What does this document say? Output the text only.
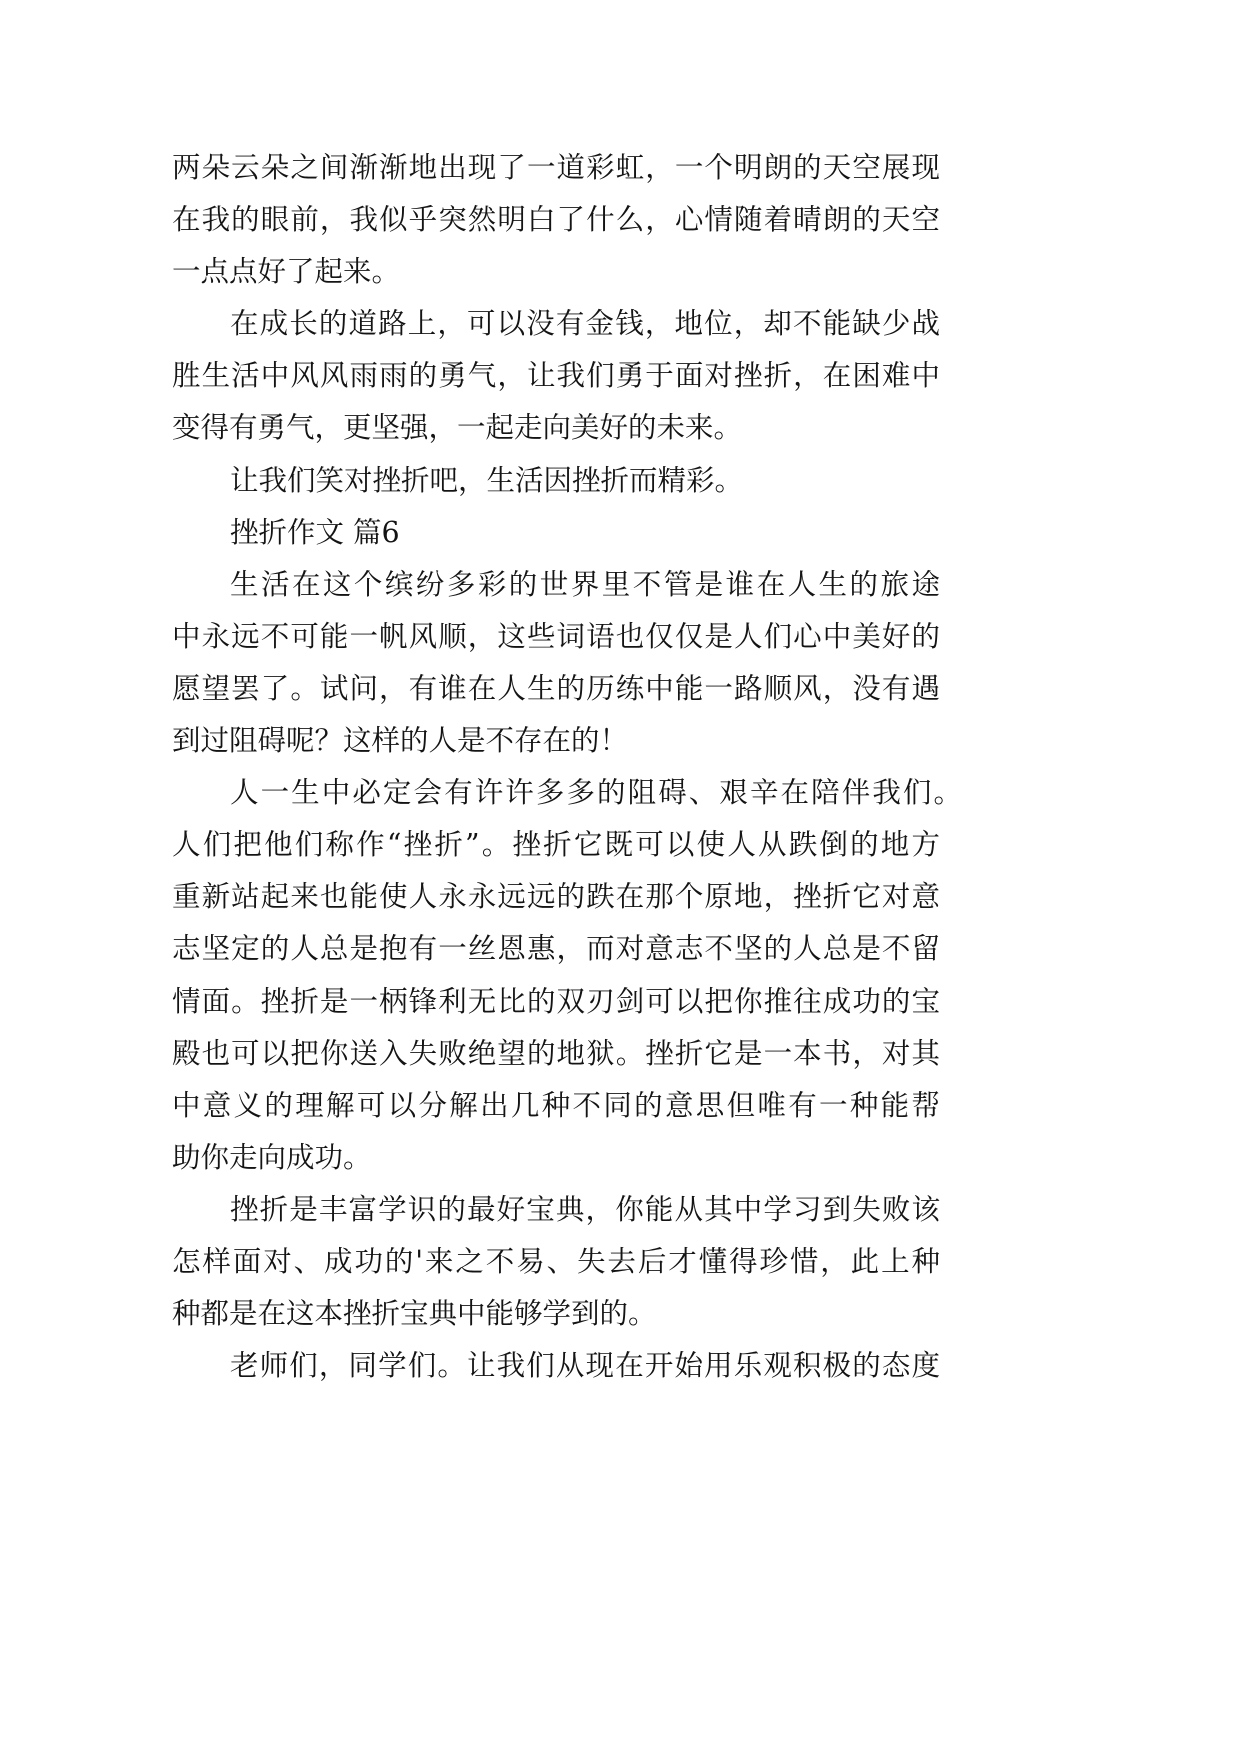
两朵云朵之间渐渐地出现了一道彩虹，一个明朗的天空展现
在我的眼前，我似乎突然明白了什么，心情随着晴朗的天空
一点点好了起来。
在成长的道路上，可以没有金钱，地位，却不能缺少战
胜生活中风风雨雨的勇气，让我们勇于面对挫折，在困难中
变得有勇气，更坚强，一起走向美好的未来。
让我们笑对挫折吧，生活因挫折而精彩。
挫折作文 篇6
生活在这个缤纷多彩的世界里不管是谁在人生的旅途
中永远不可能一帆风顺，这些词语也仅仅是人们心中美好的
愿望罢了。试问，有谁在人生的历练中能一路顺风，没有遇
到过阻碍呢？这样的人是不存在的！
人一生中必定会有许许多多的阻碍、艰辛在陪伴我们。
人们把他们称作“挫折”。挫折它既可以使人从跌倒的地方
重新站起来也能使人永永远远的跌在那个原地，挫折它对意
志坚定的人总是抱有一丝恩惠，而对意志不坚的人总是不留
情面。挫折是一柄锋利无比的双刃剑可以把你推往成功的宝
殿也可以把你送入失败绝望的地狱。挫折它是一本书，对其
中意义的理解可以分解出几种不同的意思但唯有一种能帮
助你走向成功。
挫折是丰富学识的最好宝典，你能从其中学习到失败该
怎样面对、成功的'来之不易、失去后才懂得珍惜，此上种
种都是在这本挫折宝典中能够学到的。
老师们，同学们。让我们从现在开始用乐观积极的态度
